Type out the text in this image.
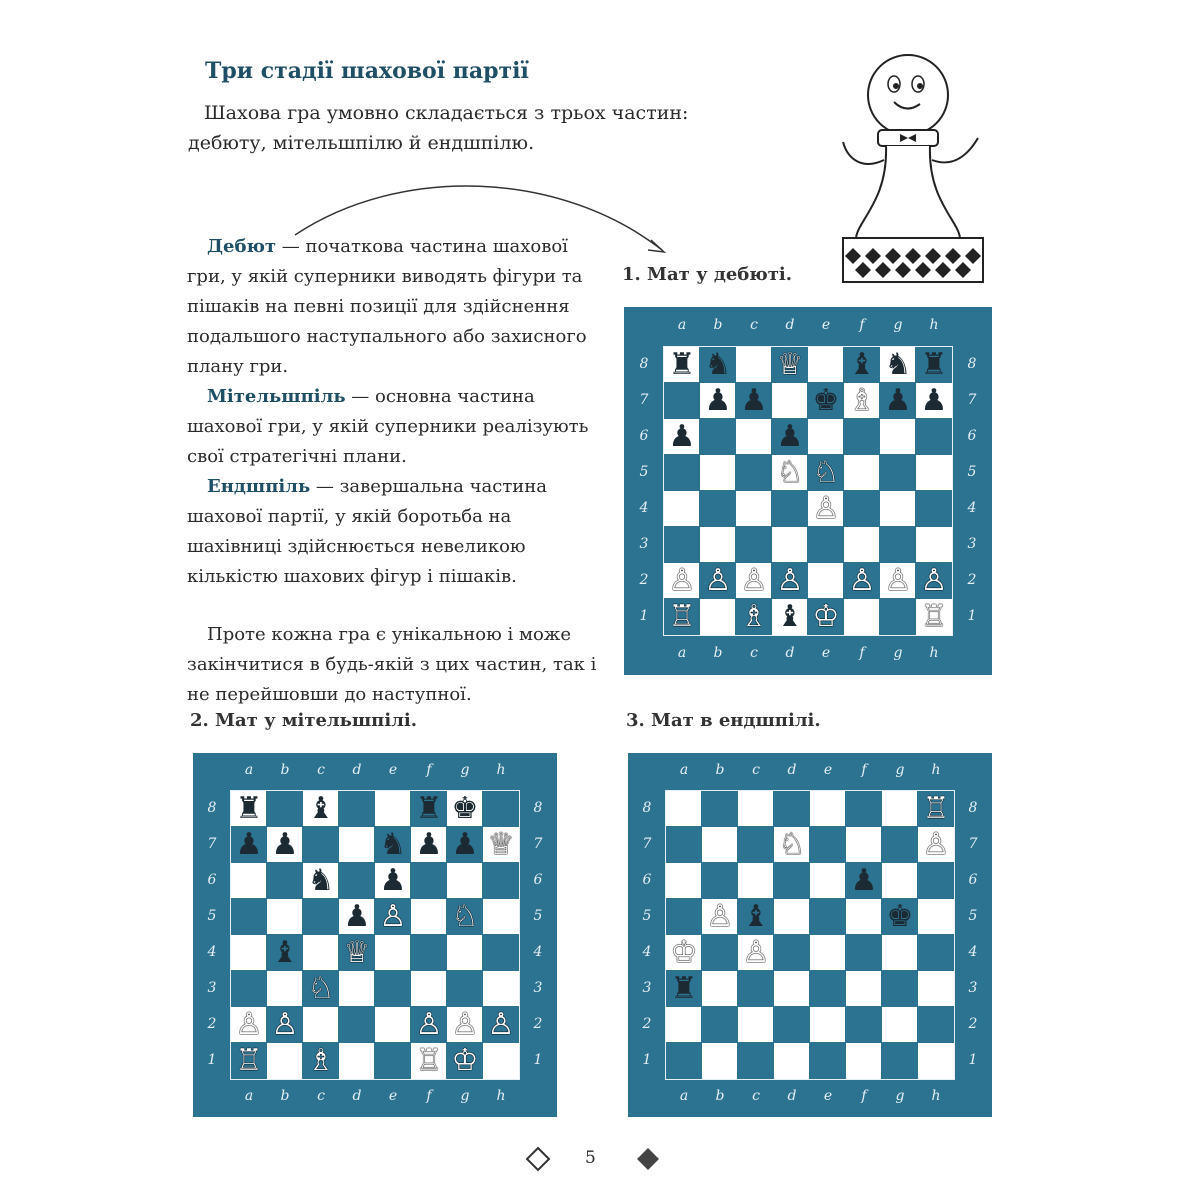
Три стадії шахової партії
Шахова гра умовно складається з трьох частин:
дебюту, мітельшпілю й ендшпілю.

Дебют — початкова частина шахової гри, у якій суперники виводять фігури та пішаків на певні позиції для здійснення подальшого наступального або захисного плану гри.

Мітельшпіль — основна частина шахової гри, у якій суперники реалізують свої стратегічні плани.

Ендшпіль — завершальна частина шахової партії, у якій боротьба на шахівниці здійснюється невеликою кількістю шахових фігур і пішаків.

Проте кожна гра є унікальною і може закінчитися в будь-якій з цих частин, так і не перейшовши до наступної.

1. Мат у дебюті.
2. Мат у мітельшпілі.	3. Мат в ендшпілі.
a
a
b
b
c
c
d
d
e
e
f
f
g
g
h
h
8	8
7	7
6	6
5	5
4	4
3	3
2	2
1	1
♜ ♞ ♕ ♝ ♞ ♜
♟ ♟ ♚ ♗ ♟ ♟
♟	♟
♘ ♘
♙
♙ ♙ ♙ ♙ ♙ ♙ ♙
♖ ♗ ♝ ♔	♖
a
a
b
b
c
c
d
d
e
e
f
f
g
g
h
h
8	8
7	7
6	6
5	5
4	4
3	3
2	2
1	1
♜ ♝	♜ ♚
♟ ♟	♞ ♟ ♟ ♕
♞ ♟
♟ ♙ ♘
♝ ♕
♘
♙ ♙	♙ ♙ ♙
♖ ♗	♖ ♔
a
a
b
b
c
c
d
d
e
e
f
f
g
g
h
h
8	8
7	7
6	6
5	5
4	4
3	3
2	2
1	1
♖
♘	♙
♟
♙ ♝	♚
♔ ♙
♜
5
